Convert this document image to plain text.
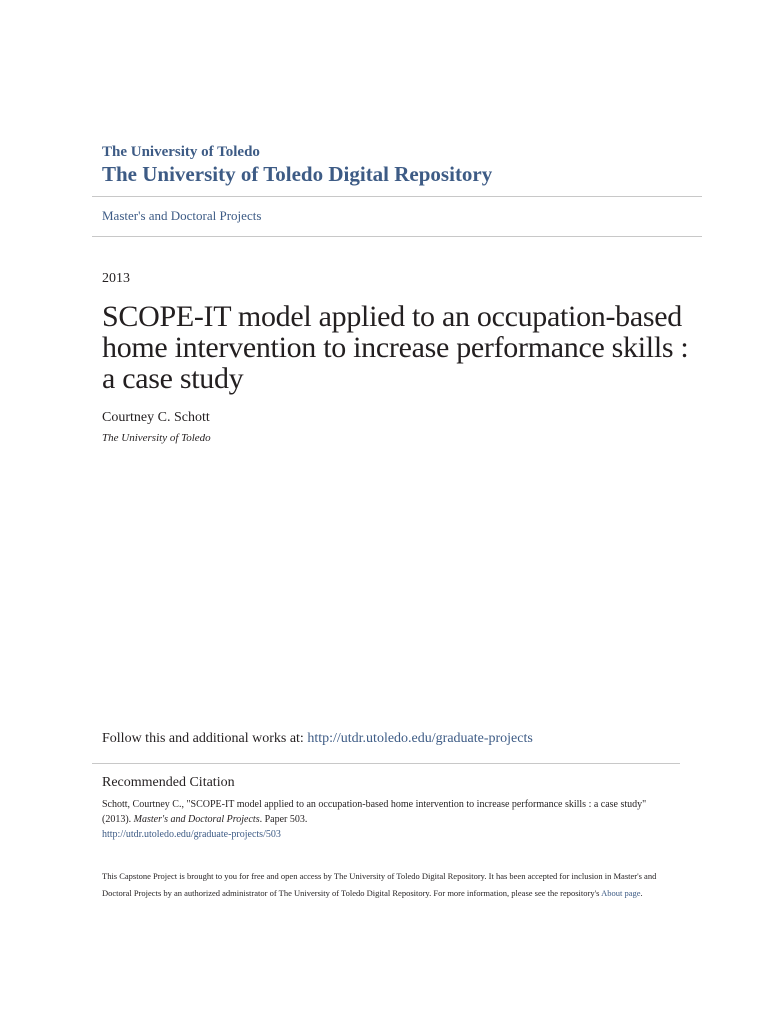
The University of Toledo
The University of Toledo Digital Repository
Master's and Doctoral Projects
2013
SCOPE-IT model applied to an occupation-based home intervention to increase performance skills : a case study
Courtney C. Schott
The University of Toledo
Follow this and additional works at: http://utdr.utoledo.edu/graduate-projects
Recommended Citation
Schott, Courtney C., "SCOPE-IT model applied to an occupation-based home intervention to increase performance skills : a case study" (2013). Master's and Doctoral Projects. Paper 503.
http://utdr.utoledo.edu/graduate-projects/503
This Capstone Project is brought to you for free and open access by The University of Toledo Digital Repository. It has been accepted for inclusion in Master's and Doctoral Projects by an authorized administrator of The University of Toledo Digital Repository. For more information, please see the repository's About page.
